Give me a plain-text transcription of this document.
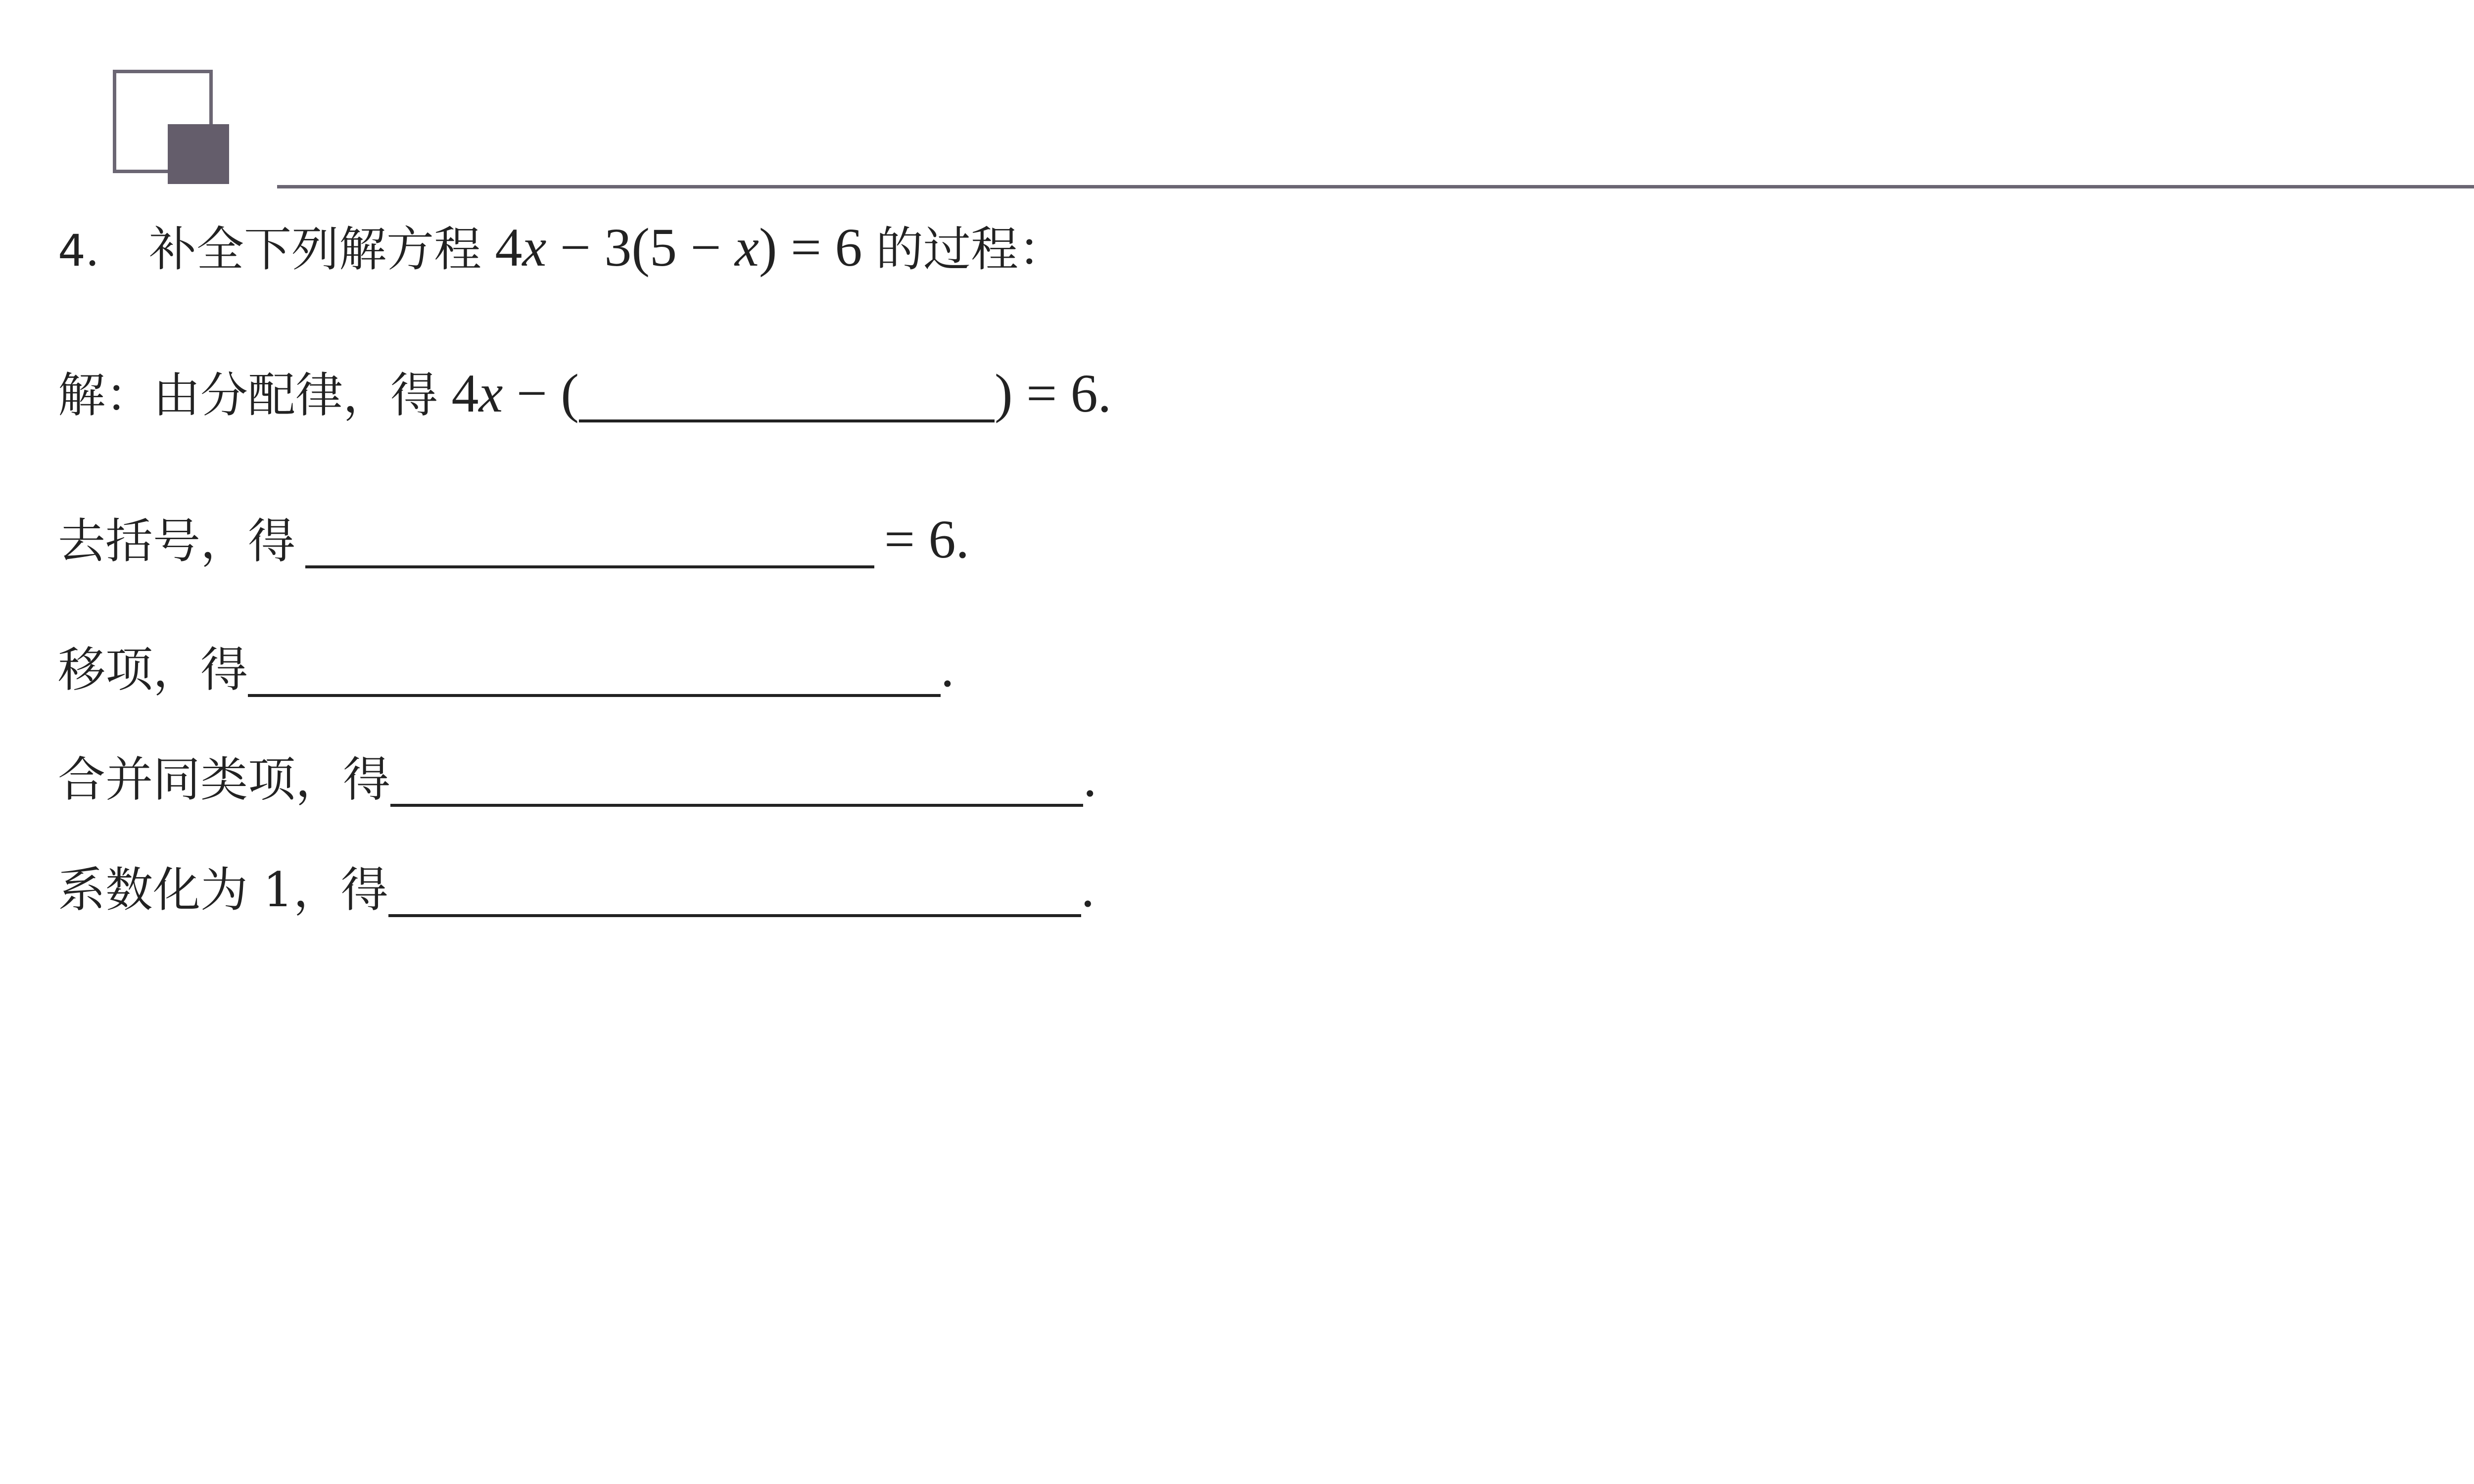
4． 补全下列解方程 4x − 3(5 − x) = 6 的过程：
解：由分配律，得 4x − (	) = 6.
去括号，得	= 6.
移项，得	.
合并同类项，得	.
系数化为 1，得	.
